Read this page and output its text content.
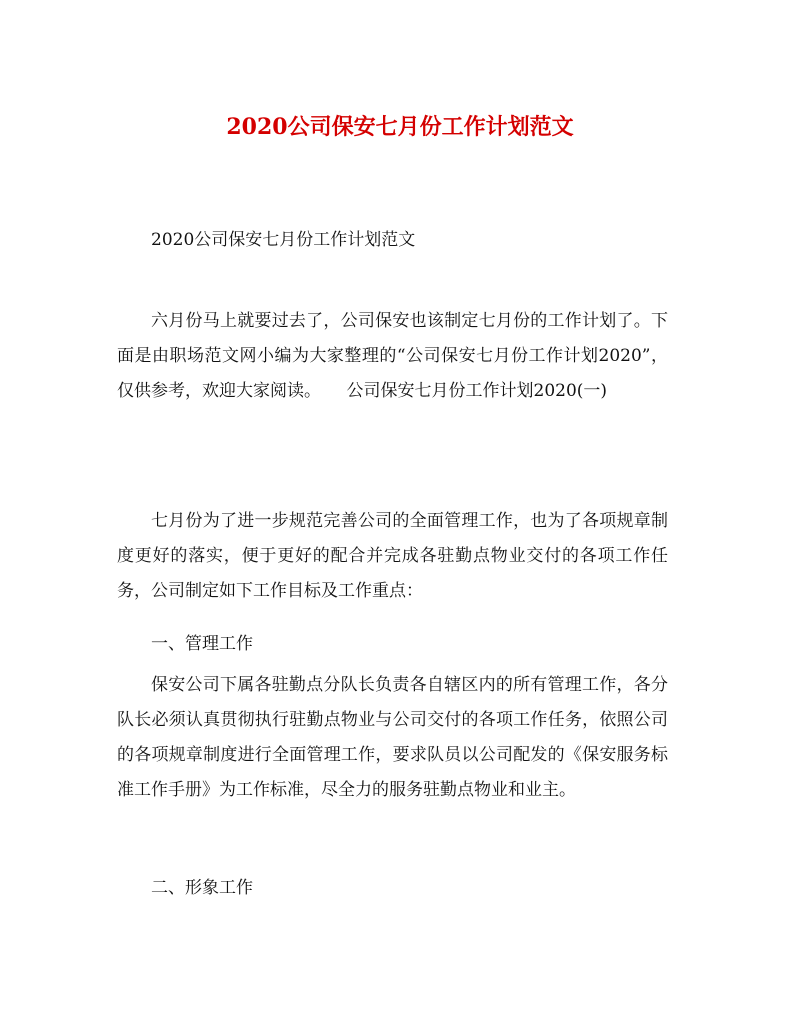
2020公司保安七月份工作计划范文

2020公司保安七月份工作计划范文

六月份马上就要过去了，公司保安也该制定七月份的工作计划了。下面是由职场范文网小编为大家整理的“公司保安七月份工作计划2020”，仅供参考，欢迎大家阅读。　　公司保安七月份工作计划2020(一)

七月份为了进一步规范完善公司的全面管理工作，也为了各项规章制度更好的落实，便于更好的配合并完成各驻勤点物业交付的各项工作任务，公司制定如下工作目标及工作重点：

一、管理工作

保安公司下属各驻勤点分队长负责各自辖区内的所有管理工作，各分队长必须认真贯彻执行驻勤点物业与公司交付的各项工作任务，依照公司的各项规章制度进行全面管理工作，要求队员以公司配发的《保安服务标准工作手册》为工作标准，尽全力的服务驻勤点物业和业主。

二、形象工作
